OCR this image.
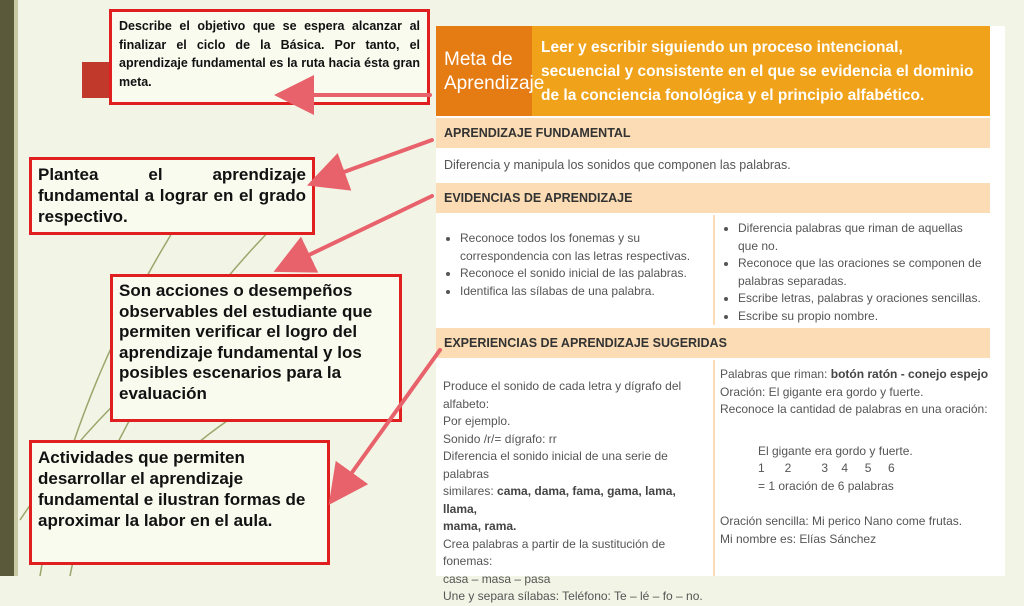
Describe el objetivo que se espera alcanzar al finalizar el ciclo de la Básica. Por tanto, el aprendizaje fundamental es la ruta hacia ésta gran meta.
Plantea el aprendizaje fundamental a lograr en el grado respectivo.
Son acciones o desempeños observables del estudiante que permiten verificar el logro del aprendizaje fundamental y los posibles escenarios para la evaluación
Actividades que permiten desarrollar el aprendizaje fundamental e ilustran formas de aproximar la labor en el aula.
Meta de Aprendizaje
Leer y escribir siguiendo un proceso intencional, secuencial y consistente en el que se evidencia el dominio de la conciencia fonológica y el principio alfabético.
APRENDIZAJE FUNDAMENTAL
Diferencia y manipula los sonidos que componen las palabras.
EVIDENCIAS DE APRENDIZAJE
• Reconoce todos los fonemas y su correspondencia con las letras respectivas.
• Reconoce el sonido inicial de las palabras.
• Identifica las sílabas de una palabra.
• Diferencia palabras que riman de aquellas que no.
• Reconoce que las oraciones se componen de palabras separadas.
• Escribe letras, palabras y oraciones sencillas.
• Escribe su propio nombre.
EXPERIENCIAS DE APRENDIZAJE SUGERIDAS
Produce el sonido de cada letra y dígrafo del alfabeto:
Por ejemplo.
Sonido /r/= dígrafo: rr
Diferencia el sonido inicial de una serie de palabras
similares: cama, dama, fama, gama, lama, llama,
mama, rama.
Crea palabras a partir de la sustitución de fonemas:
casa – masa – pasa
Une y separa sílabas: Teléfono: Te – lé – fo – no.
Palabras que riman: botón ratón - conejo espejo
Oración: El gigante era gordo y fuerte.
Reconoce la cantidad de palabras en una oración:
El gigante era gordo y fuerte.
1      2         3    4     5     6
= 1 oración de 6 palabras
Oración sencilla: Mi perico Nano come frutas.
Mi nombre es: Elías Sánchez
